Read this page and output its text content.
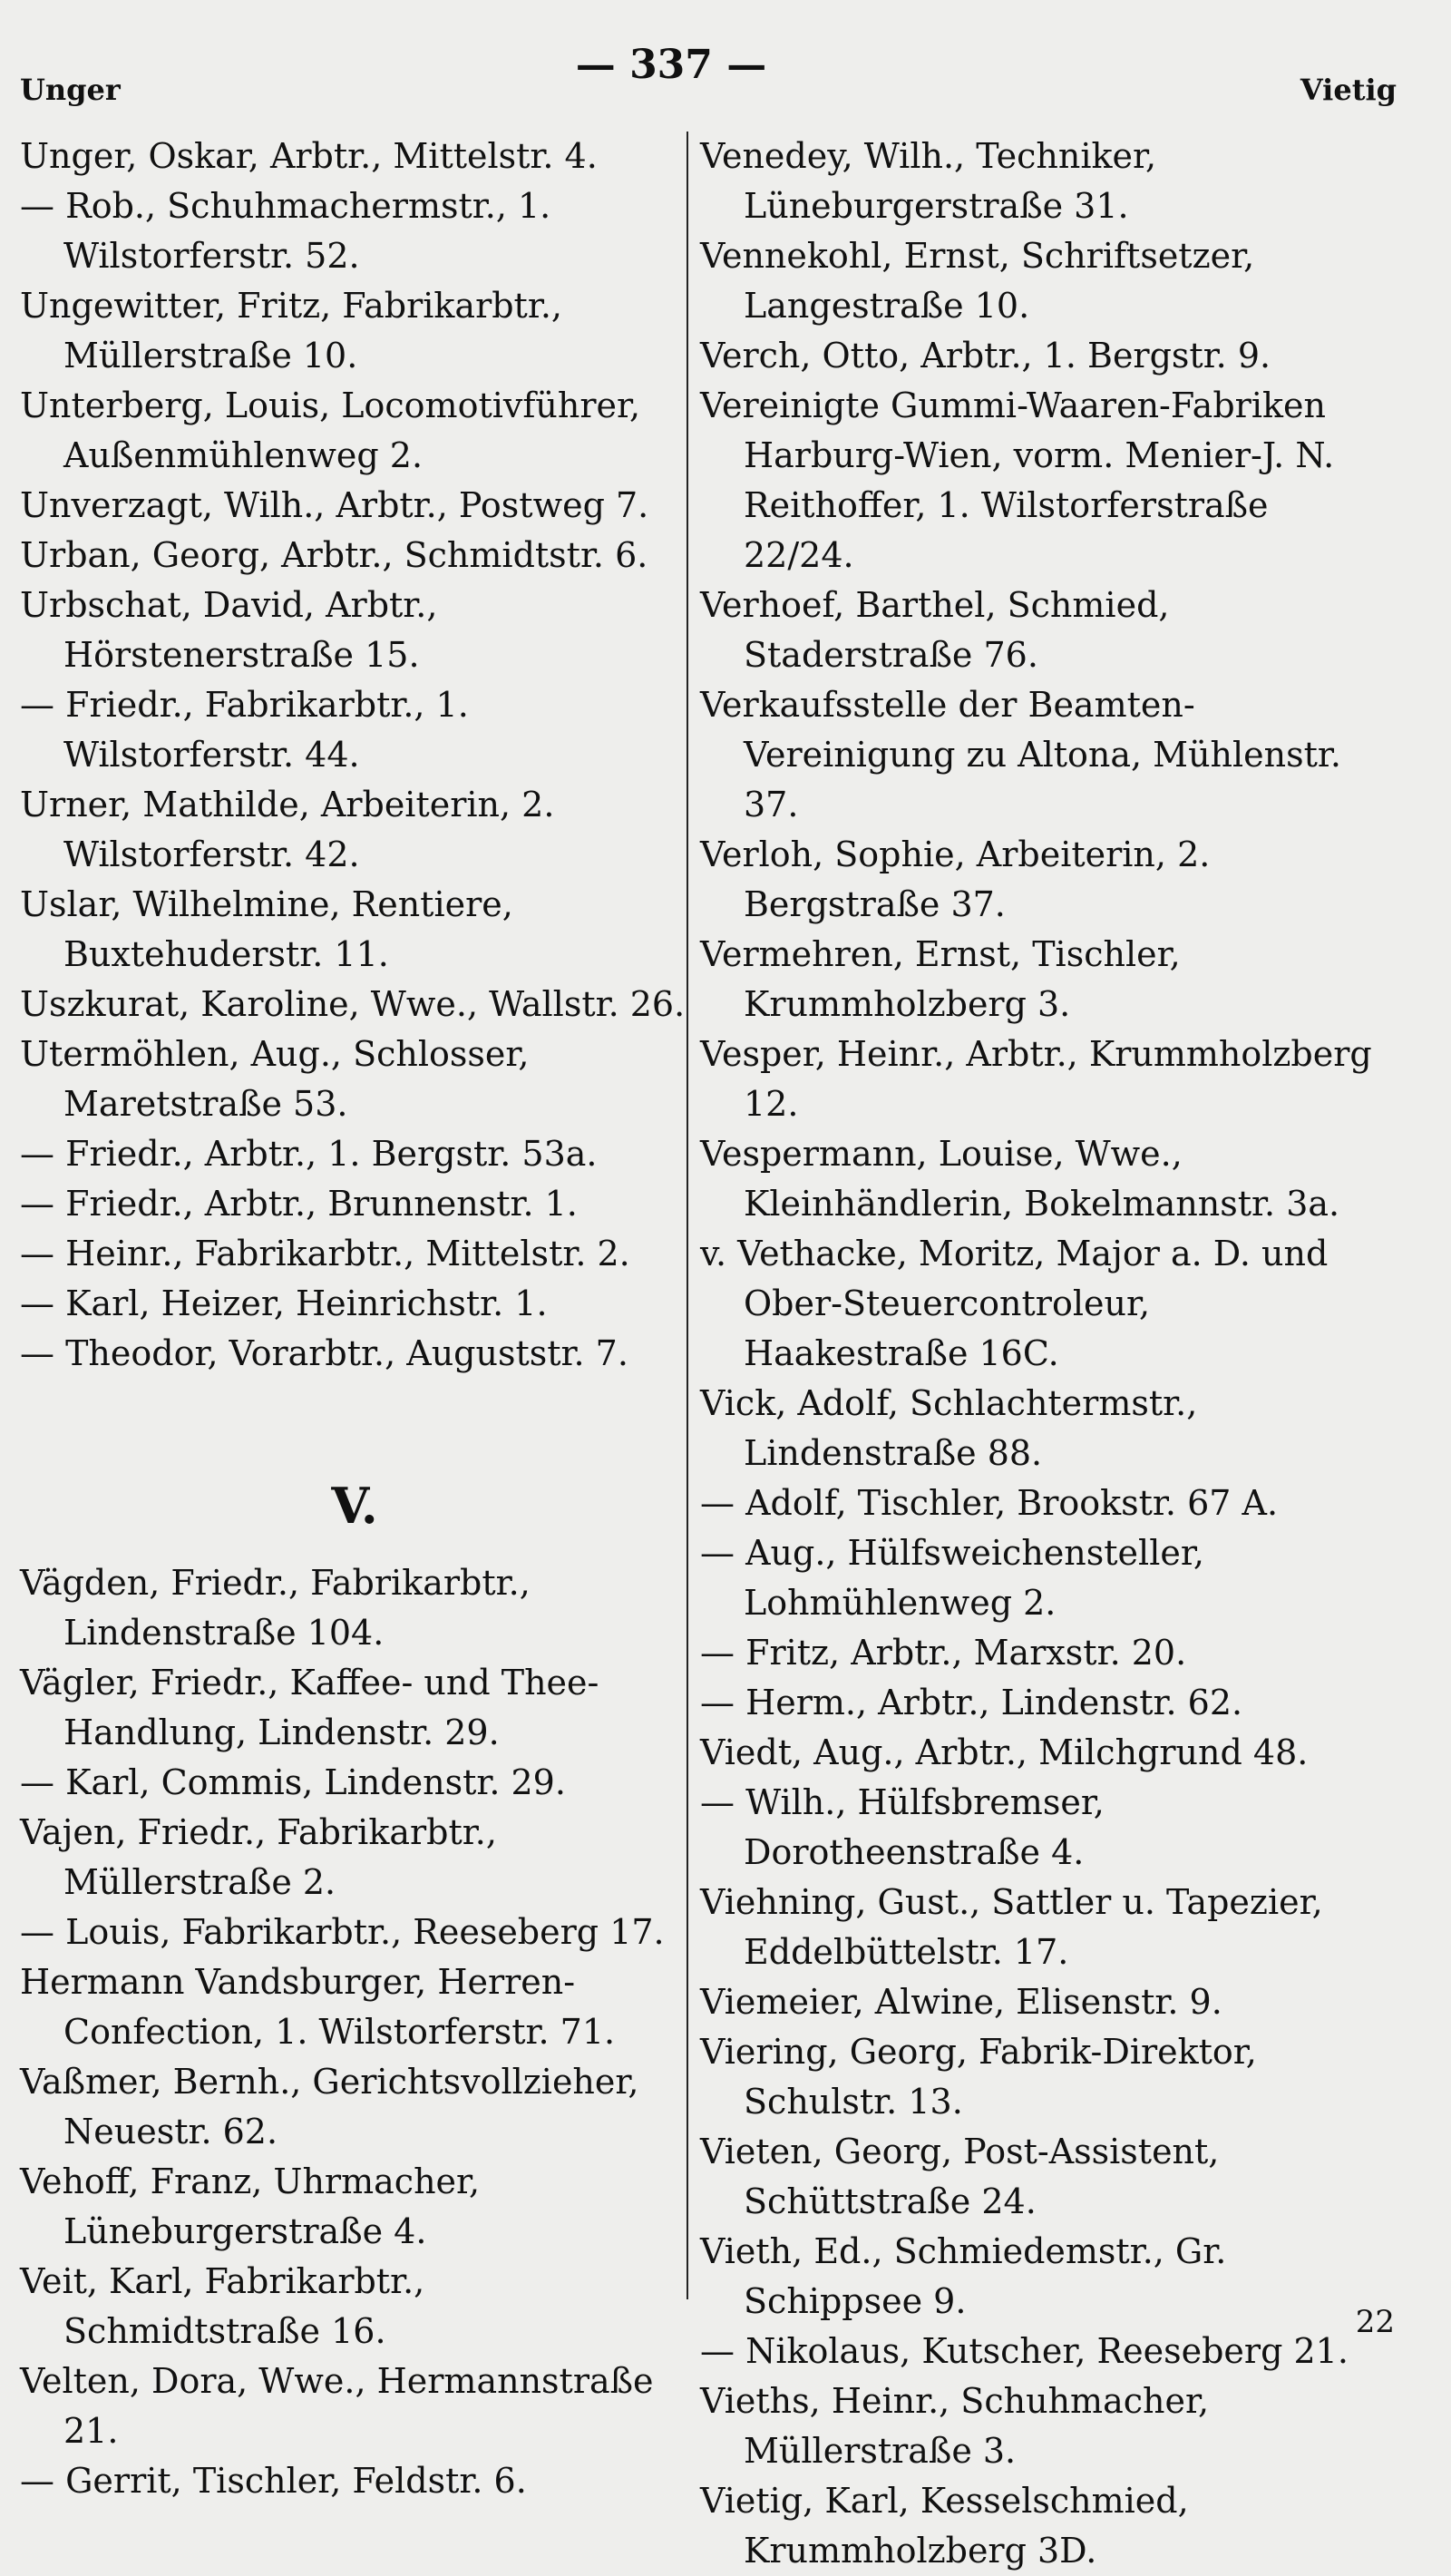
Unger
— 337 —
Vietig

Unger, Oskar, Arbtr., Mittelstr. 4.

— Rob., Schuhmachermstr., 1. Wilstorferstr. 52.

Ungewitter, Fritz, Fabrikarbtr., Müllerstraße 10.

Unterberg, Louis, Locomotivführer, Außenmühlenweg 2.

Unverzagt, Wilh., Arbtr., Postweg 7.

Urban, Georg, Arbtr., Schmidtstr. 6.

Urbschat, David, Arbtr., Hörstenerstraße 15.

— Friedr., Fabrikarbtr., 1. Wilstorferstr. 44.

Urner, Mathilde, Arbeiterin, 2. Wilstorferstr. 42.

Uslar, Wilhelmine, Rentiere, Buxtehuderstr. 11.

Uszkurat, Karoline, Wwe., Wallstr. 26.

Utermöhlen, Aug., Schlosser, Maretstraße 53.

— Friedr., Arbtr., 1. Bergstr. 53a.

— Friedr., Arbtr., Brunnenstr. 1.

— Heinr., Fabrikarbtr., Mittelstr. 2.

— Karl, Heizer, Heinrichstr. 1.

— Theodor, Vorarbtr., Auguststr. 7.

V.

Vägden, Friedr., Fabrikarbtr., Lindenstraße 104.

Vägler, Friedr., Kaffee- und Thee-Handlung, Lindenstr. 29.

— Karl, Commis, Lindenstr. 29.

Vajen, Friedr., Fabrikarbtr., Müllerstraße 2.

— Louis, Fabrikarbtr., Reeseberg 17.

Hermann Vandsburger, Herren-Confection, 1. Wilstorferstr. 71.

Vaßmer, Bernh., Gerichtsvollzieher, Neuestr. 62.

Vehoff, Franz, Uhrmacher, Lüneburgerstraße 4.

Veit, Karl, Fabrikarbtr., Schmidtstraße 16.

Velten, Dora, Wwe., Hermannstraße 21.

— Gerrit, Tischler, Feldstr. 6.

Venedey, Wilh., Techniker, Lüneburgerstraße 31.

Vennekohl, Ernst, Schriftsetzer, Langestraße 10.

Verch, Otto, Arbtr., 1. Bergstr. 9.

Vereinigte Gummi-Waaren-Fabriken Harburg-Wien, vorm. Menier-J. N. Reithoffer, 1. Wilstorferstraße 22/24.

Verhoef, Barthel, Schmied, Staderstraße 76.

Verkaufsstelle der Beamten-Vereinigung zu Altona, Mühlenstr. 37.

Verloh, Sophie, Arbeiterin, 2. Bergstraße 37.

Vermehren, Ernst, Tischler, Krummholzberg 3.

Vesper, Heinr., Arbtr., Krummholzberg 12.

Vespermann, Louise, Wwe., Kleinhändlerin, Bokelmannstr. 3a.

v. Vethacke, Moritz, Major a. D. und Ober-Steuercontroleur, Haakestraße 16C.

Vick, Adolf, Schlachtermstr., Lindenstraße 88.

— Adolf, Tischler, Brookstr. 67 A.

— Aug., Hülfsweichensteller, Lohmühlenweg 2.

— Fritz, Arbtr., Marxstr. 20.

— Herm., Arbtr., Lindenstr. 62.

Viedt, Aug., Arbtr., Milchgrund 48.

— Wilh., Hülfsbremser, Dorotheenstraße 4.

Viehning, Gust., Sattler u. Tapezier, Eddelbüttelstr. 17.

Viemeier, Alwine, Elisenstr. 9.

Viering, Georg, Fabrik-Direktor, Schulstr. 13.

Vieten, Georg, Post-Assistent, Schüttstraße 24.

Vieth, Ed., Schmiedemstr., Gr. Schippsee 9.

— Nikolaus, Kutscher, Reeseberg 21.

Vieths, Heinr., Schuhmacher, Müllerstraße 3.

Vietig, Karl, Kesselschmied, Krummholzberg 3D.

22
